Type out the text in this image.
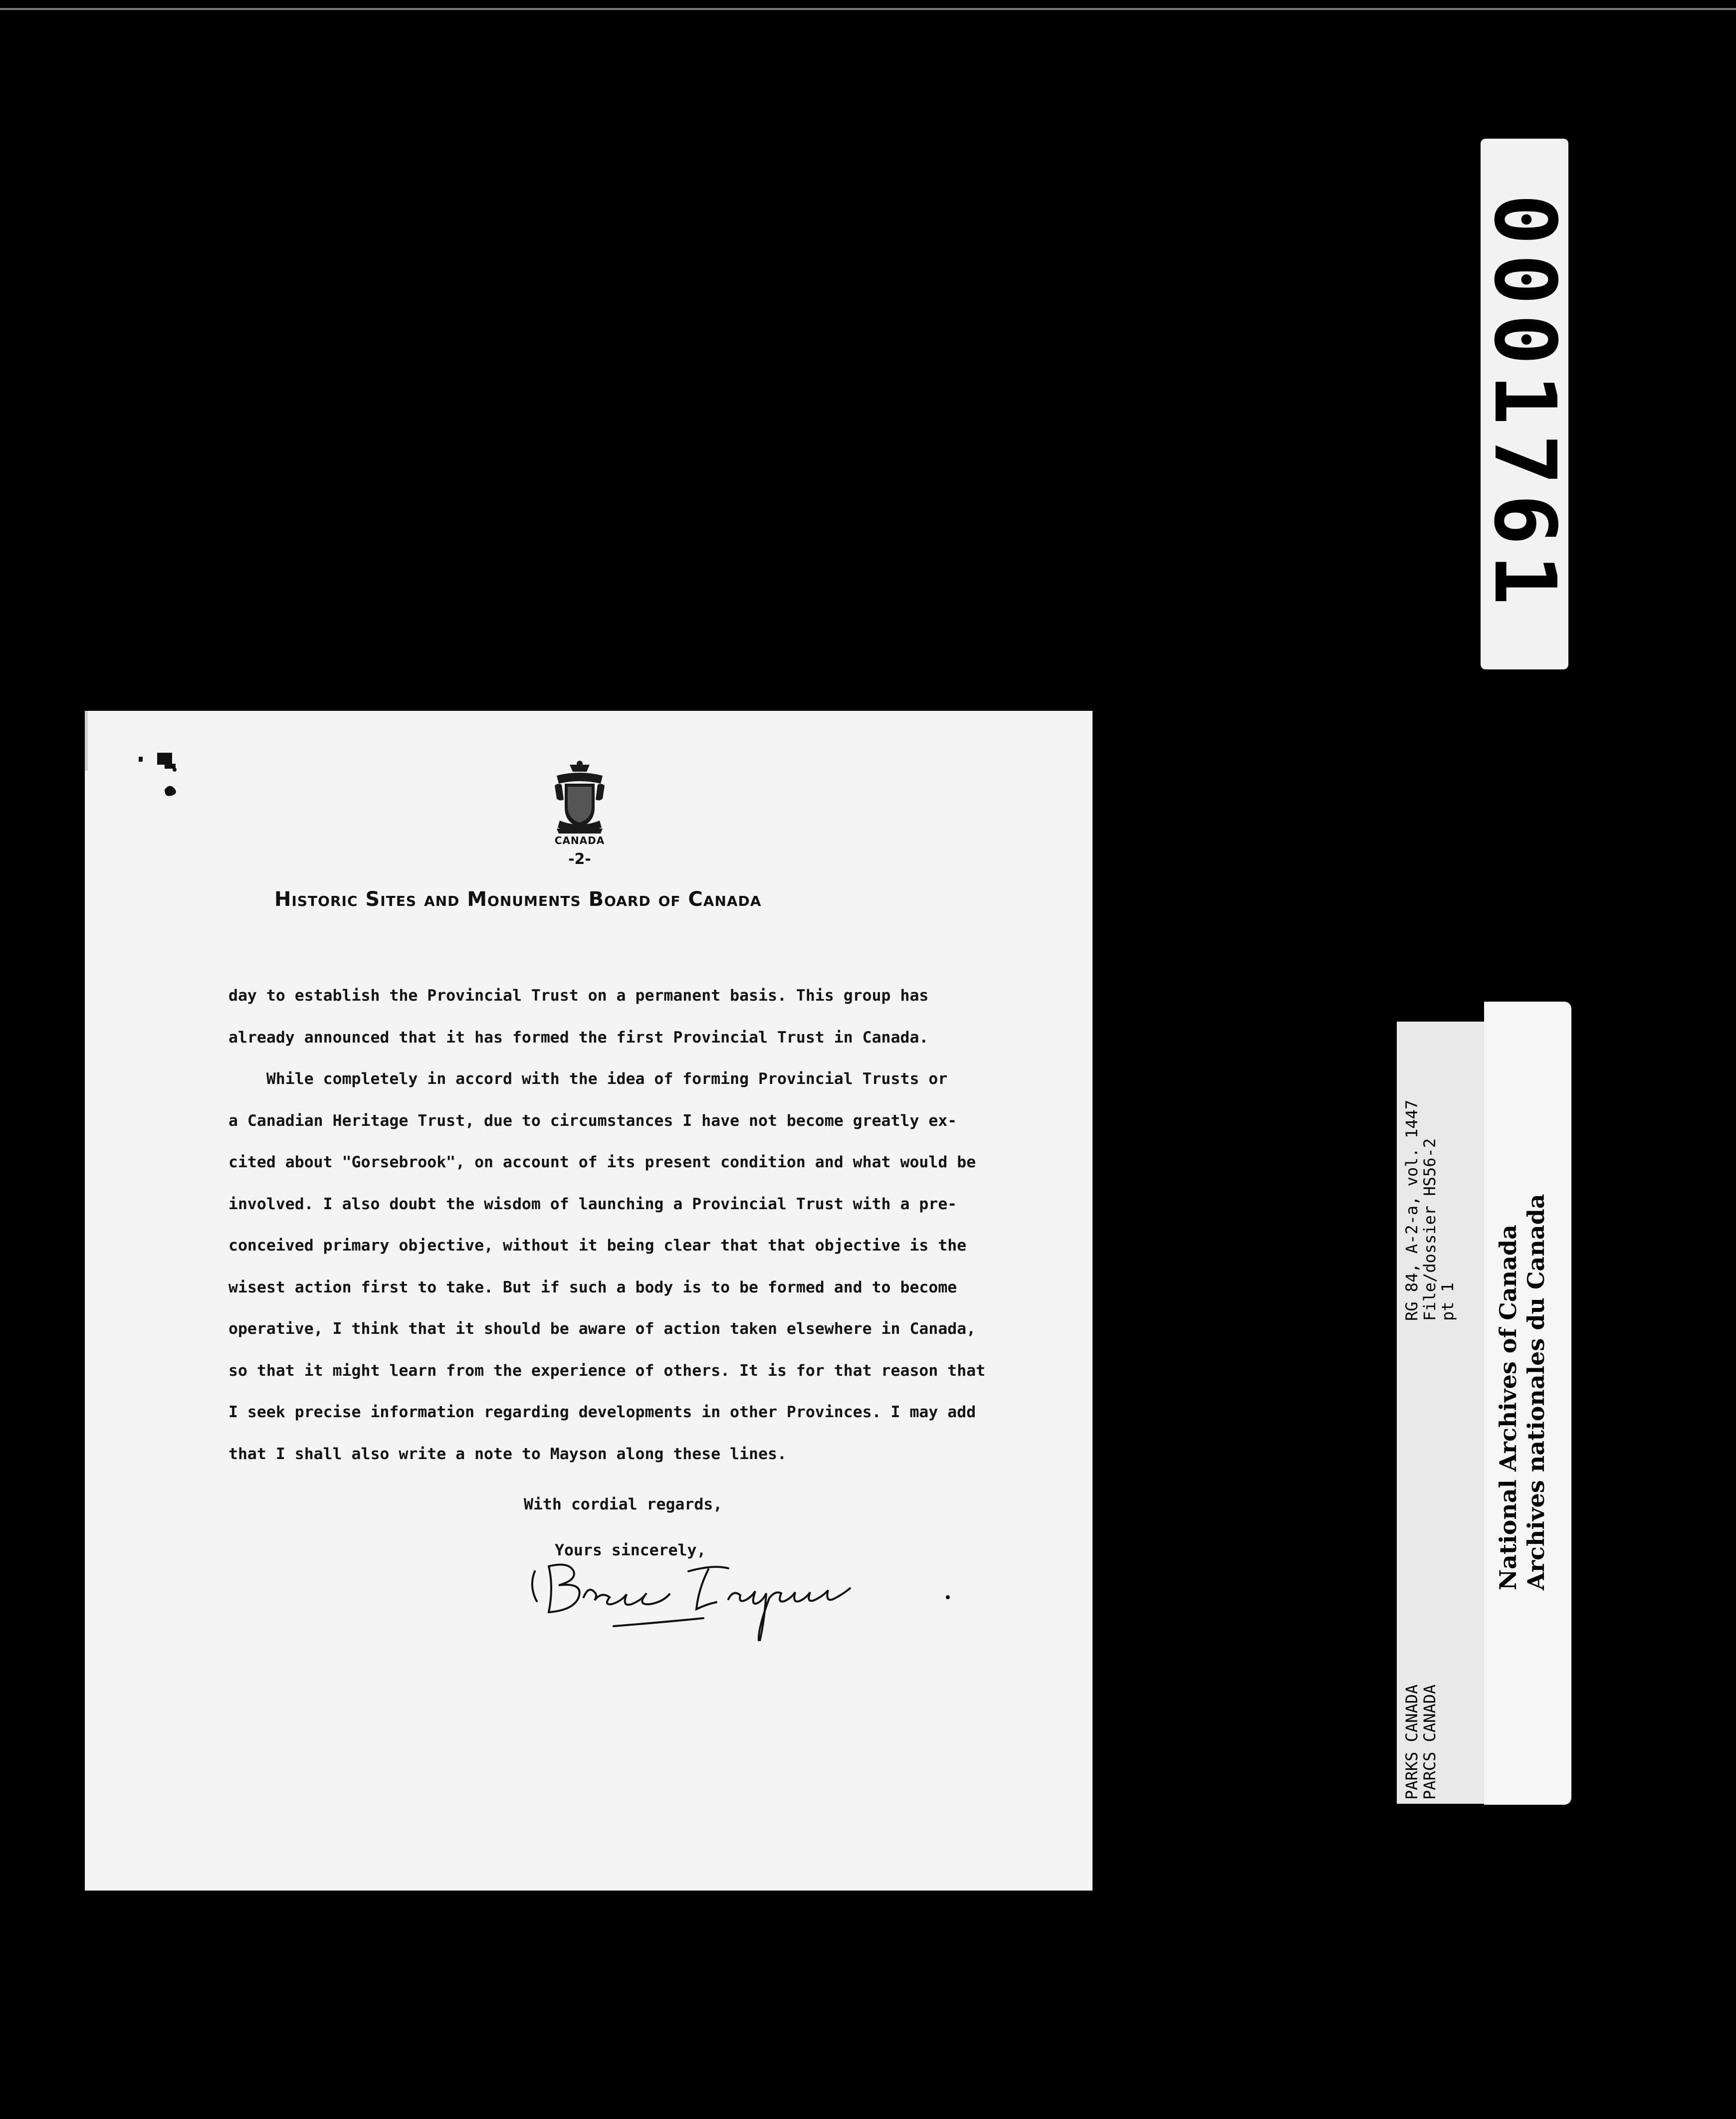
0001761
RG 84, A-2-a, vol. 1447
File/dossier HS56-2
pt 1
PARKS CANADA
PARCS CANADA
National Archives of Canada Archives nationales du Canada
CANADA
-2-
Historic Sites and Monuments Board of Canada
day to establish the Provincial Trust on a permanent basis. This group has
already announced that it has formed the first Provincial Trust in Canada.
While completely in accord with the idea of forming Provincial Trusts or
a Canadian Heritage Trust, due to circumstances I have not become greatly ex-
cited about "Gorsebrook", on account of its present condition and what would be
involved. I also doubt the wisdom of launching a Provincial Trust with a pre-
conceived primary objective, without it being clear that that objective is the
wisest action first to take. But if such a body is to be formed and to become
operative, I think that it should be aware of action taken elsewhere in Canada,
so that it might learn from the experience of others. It is for that reason that
I seek precise information regarding developments in other Provinces. I may add
that I shall also write a note to Mayson along these lines.
With cordial regards,
Yours sincerely,
